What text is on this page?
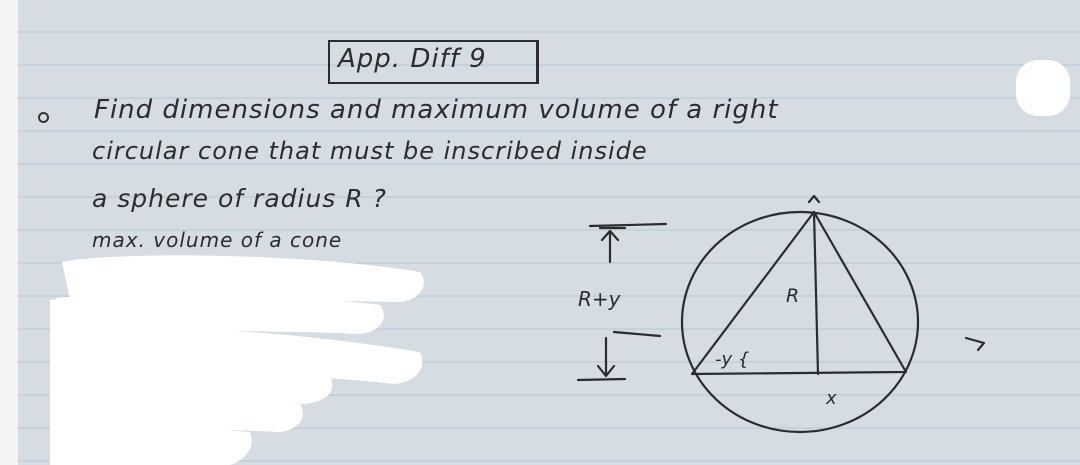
App. Diff 9
Find dimensions and maximum volume of a right
circular cone that must be inscribed inside
a sphere of radius R ?
max. volume of a cone
R+y	R
-y {
x
